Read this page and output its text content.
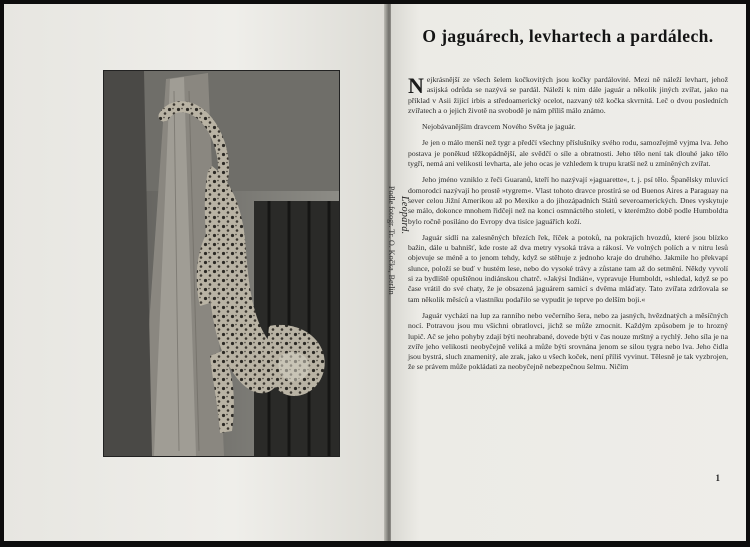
Leopard.
Podle fotogr. Tr. O. Kočka, Berlin
O jaguárech, levhartech a pardálech.

Nejkrásnější ze všech šelem kočkovitých jsou kočky pardálovité. Mezi ně náleží levhart, jehož asijská odrůda se nazývá se pardál. Náleží k nim dále jaguár a několik jiných zvířat, jako na příklad v Asii žijící irbis a středoamerický ocelot, nazvaný též kočka skvrnitá. Leč o dvou posledních zvířatech a o jejich životě na svobodě je nám příliš málo známo.

Nejobávanějším dravcem Nového Světa je jaguár.

Je jen o málo menší než tygr a předčí všechny příslušníky svého rodu, samozřejmě vyjma lva. Jeho postava je poněkud těžkopádnější, ale svědčí o síle a obratnosti. Jeho tělo není tak dlouhé jako tělo tygří, nemá ani velikosti levharta, ale jeho ocas je vzhledem k trupu kratší než u zmíněných zvířat.

Jeho jméno vzniklo z řeči Guaranů, kteří ho nazývají »jaguarette«, t. j. psí tělo. Španělsky mluvící domorodci nazývají ho prostě »tygrem«. Vlast tohoto dravce prostírá se od Buenos Aires a Paraguay na sever celou Jižní Amerikou až po Mexiko a do jihozápadních Států severoamerických. Dnes vyskytuje se málo, dokonce mnohem řidčeji než na konci osmnáctého století, v kterémžto době podle Humboldta bylo ročně posíláno do Evropy dva tisíce jaguářích koží.

Jaguár sídlí na zalesněných březích řek, říček a potoků, na pokrajích hvozdů, které jsou blízko bažin, dále u bahnišť, kde roste až dva metry vysoká tráva a rákosí. Ve volných polích a v nitru lesů objevuje se méně a to jenom tehdy, když se stěhuje z jednoho kraje do druhého. Jakmile ho překvapí slunce, položí se buď v hustém lese, nebo do vysoké trávy a zůstane tam až do setmění. Někdy vyvolí si za bydliště opuštěnou indiánskou chatrč. »Jakýsi Indián«, vypravuje Humboldt, »shledal, když se po čase vrátil do své chaty, že je obsazená jaguárem samicí s dvěma mláďaty. Tato zvířata zdržovala se tam několik měsíců a vlastníku podařilo se vypudit je teprve po delším boji.«

Jaguár vychází na lup za ranního nebo večerního šera, nebo za jasných, hvězdnatých a měsíčných nocí. Potravou jsou mu všichni obratlovci, jichž se může zmocnit. Každým způsobem je to hrozný lupič. Ač se jeho pohyby zdají býti neohrabané, dovede býti v čas nouze mrštný a rychlý. Jeho síla je na zvíře jeho velikosti neobyčejně veliká a může býti srovnána jenom se silou tygra nebo lva. Jeho čidla jsou bystrá, sluch znamenitý, ale zrak, jako u všech koček, není příliš vyvinut. Tělesně je tak vyzbrojen, že se právem může pokládati za neobyčejně nebezpečnou šelmu. Ničím

1
